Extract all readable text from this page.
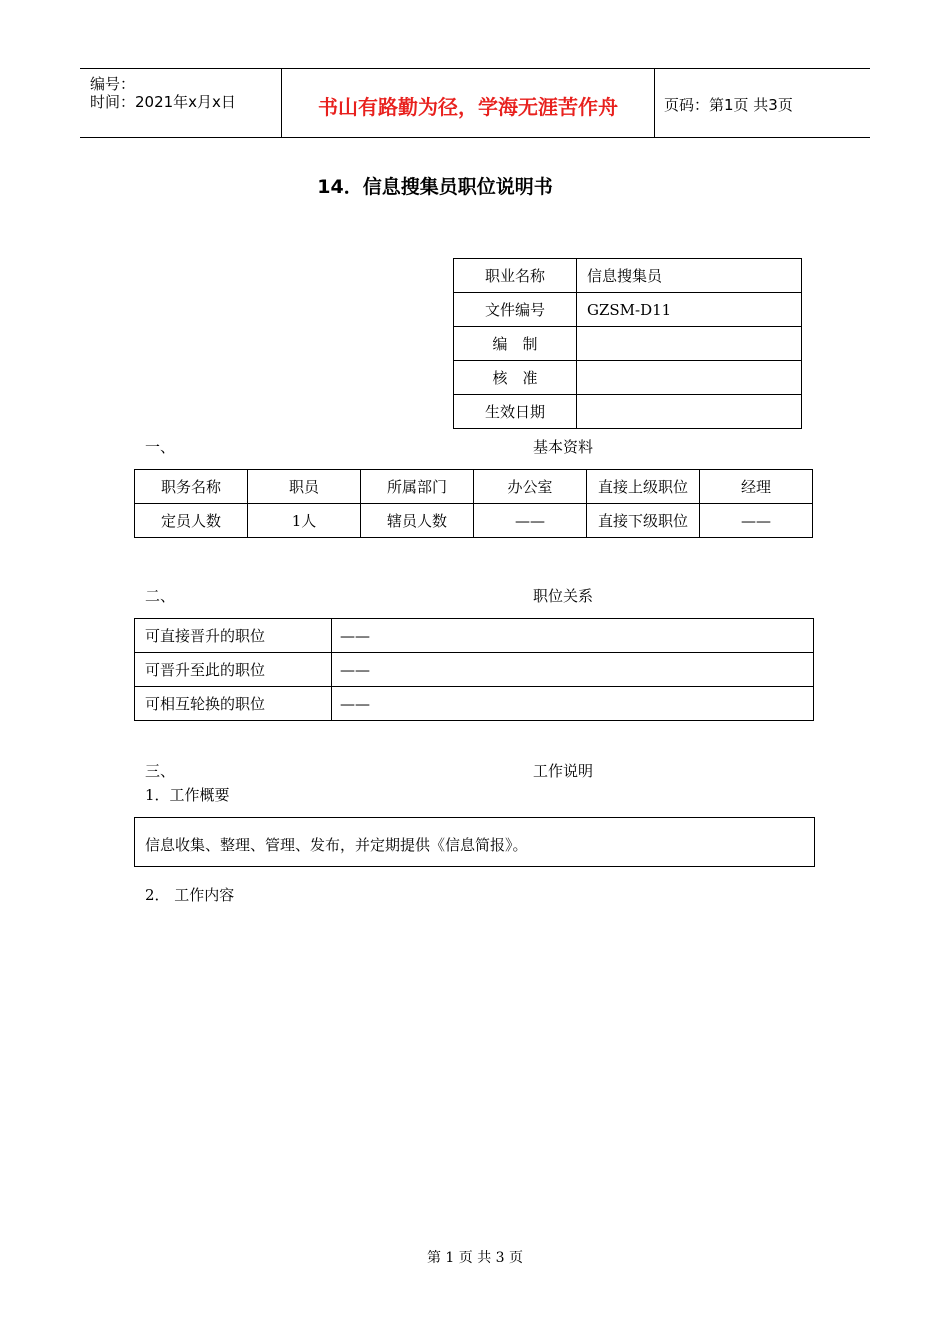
编号：
时间：2021年x月x日	书山有路勤为径，学海无涯苦作舟	页码：第1页 共3页
14．信息搜集员职位说明书
职业名称	信息搜集员
文件编号	GZSM-D11
编　制	
核　准	
生效日期	
一、	基本资料
职务名称	职员	所属部门	办公室	直接上级职位	经理
定员人数	1人	辖员人数	——	直接下级职位	——
二、	职位关系
可直接晋升的职位	——
可晋升至此的职位	——
可相互轮换的职位	——
三、	工作说明
1．工作概要
信息收集、整理、管理、发布，并定期提供《信息简报》。
2． 工作内容
第 1 页 共 3 页
